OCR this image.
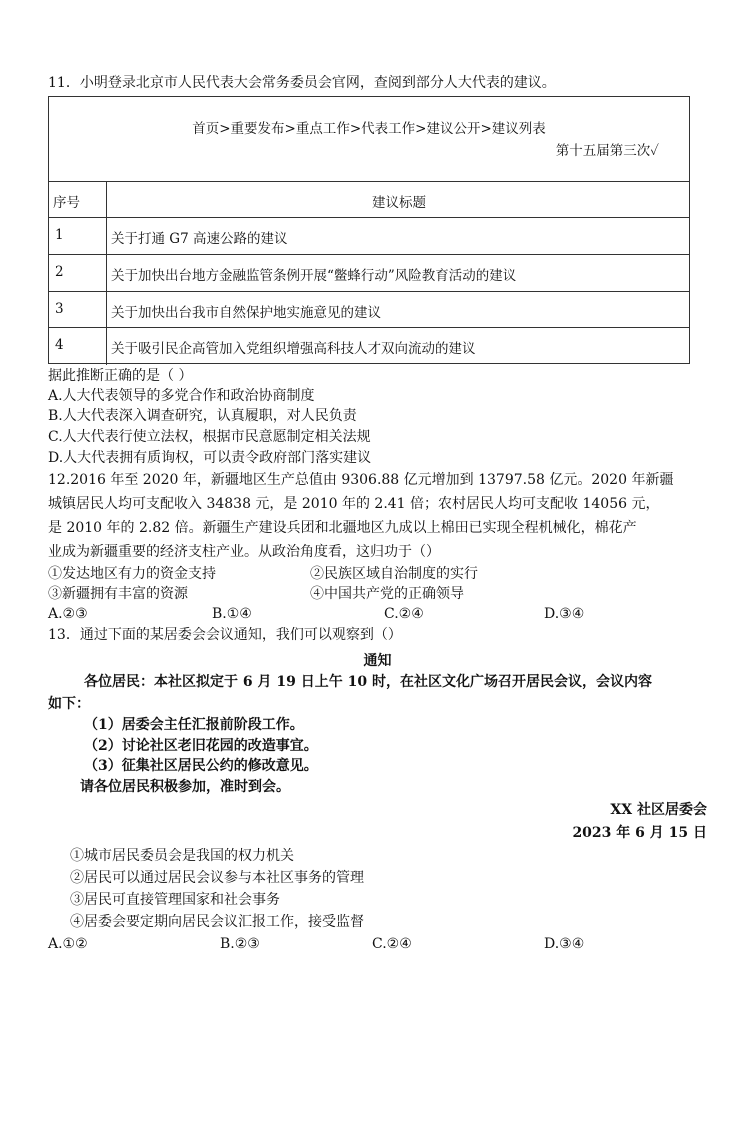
11．小明登录北京市人民代表大会常务委员会官网，查阅到部分人大代表的建议。
首页>重要发布>重点工作>代表工作>建议公开>建议列表
第十五届第三次✓
序号	建议标题
1	关于打通 G7 高速公路的建议
2	关于加快出台地方金融监管条例开展“鳖蜂行动”风险教育活动的建议
3	关于加快出台我市自然保护地实施意见的建议
4	关于吸引民企高管加入党组织增强高科技人才双向流动的建议
据此推断正确的是（ ）
A.人大代表领导的多党合作和政治协商制度
B.人大代表深入调查研究，认真履职，对人民负责
C.人大代表行使立法权，根据市民意愿制定相关法规
D.人大代表拥有质询权，可以责令政府部门落实建议
12.2016 年至 2020 年，新疆地区生产总值由 9306.88 亿元增加到 13797.58 亿元。2020 年新疆
城镇居民人均可支配收入 34838 元，是 2010 年的 2.41 倍；农村居民人均可支配收 14056 元，
是 2010 年的 2.82 倍。新疆生产建设兵团和北疆地区九成以上棉田已实现全程机械化，棉花产
业成为新疆重要的经济支柱产业。从政治角度看，这归功于（）
①发达地区有力的资金支持	②民族区域自治制度的实行
③新疆拥有丰富的资源	④中国共产党的正确领导
A.②③	B.①④	C.②④	D.③④
13．通过下面的某居委会会议通知，我们可以观察到（）
通知
各位居民：本社区拟定于 6 月 19 日上午 10 时，在社区文化广场召开居民会议，会议内容
如下：
（1）居委会主任汇报前阶段工作。
（2）讨论社区老旧花园的改造事宜。
（3）征集社区居民公约的修改意见。
请各位居民积极参加，准时到会。
XX 社区居委会
2023 年 6 月 15 日
①城市居民委员会是我国的权力机关
②居民可以通过居民会议参与本社区事务的管理
③居民可直接管理国家和社会事务
④居委会要定期向居民会议汇报工作，接受监督
A.①②	B.②③	C.②④	D.③④
